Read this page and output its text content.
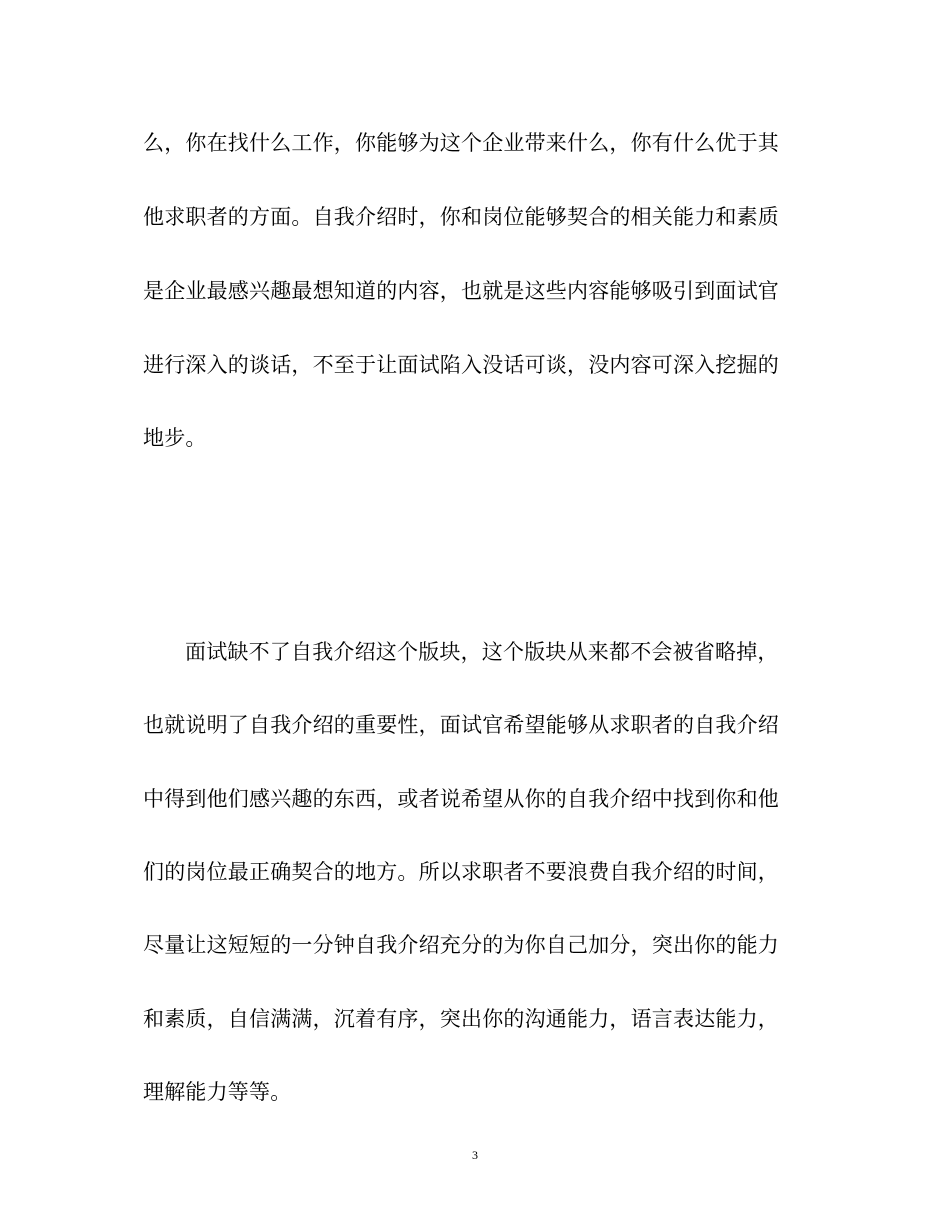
么，你在找什么工作，你能够为这个企业带来什么，你有什么优于其
他求职者的方面。自我介绍时，你和岗位能够契合的相关能力和素质
是企业最感兴趣最想知道的内容，也就是这些内容能够吸引到面试官
进行深入的谈话，不至于让面试陷入没话可谈，没内容可深入挖掘的
地步。
面试缺不了自我介绍这个版块，这个版块从来都不会被省略掉，
也就说明了自我介绍的重要性，面试官希望能够从求职者的自我介绍
中得到他们感兴趣的东西，或者说希望从你的自我介绍中找到你和他
们的岗位最正确契合的地方。所以求职者不要浪费自我介绍的时间，
尽量让这短短的一分钟自我介绍充分的为你自己加分，突出你的能力
和素质，自信满满，沉着有序，突出你的沟通能力，语言表达能力，
理解能力等等。
3
